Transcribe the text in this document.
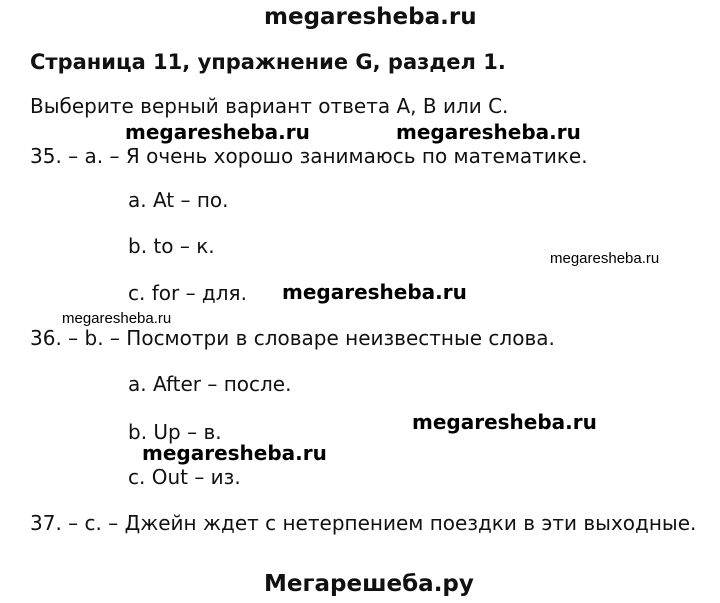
megaresheba.ru
Страница 11, упражнение G, раздел 1.
Выберите верный вариант ответа A, B или C.
megaresheba.ru	megaresheba.ru
35. – a. – Я очень хорошо занимаюсь по математике.
a. At – по.
b. to – к.
megaresheba.ru
c. for – для. megaresheba.ru
megaresheba.ru
36. – b. – Посмотри в словаре неизвестные слова.
a. After – после.
megaresheba.ru
b. Up – в.
megaresheba.ru
c. Out – из.
37. – c. – Джейн ждет с нетерпением поездки в эти выходные.
Мегарешеба.ру
